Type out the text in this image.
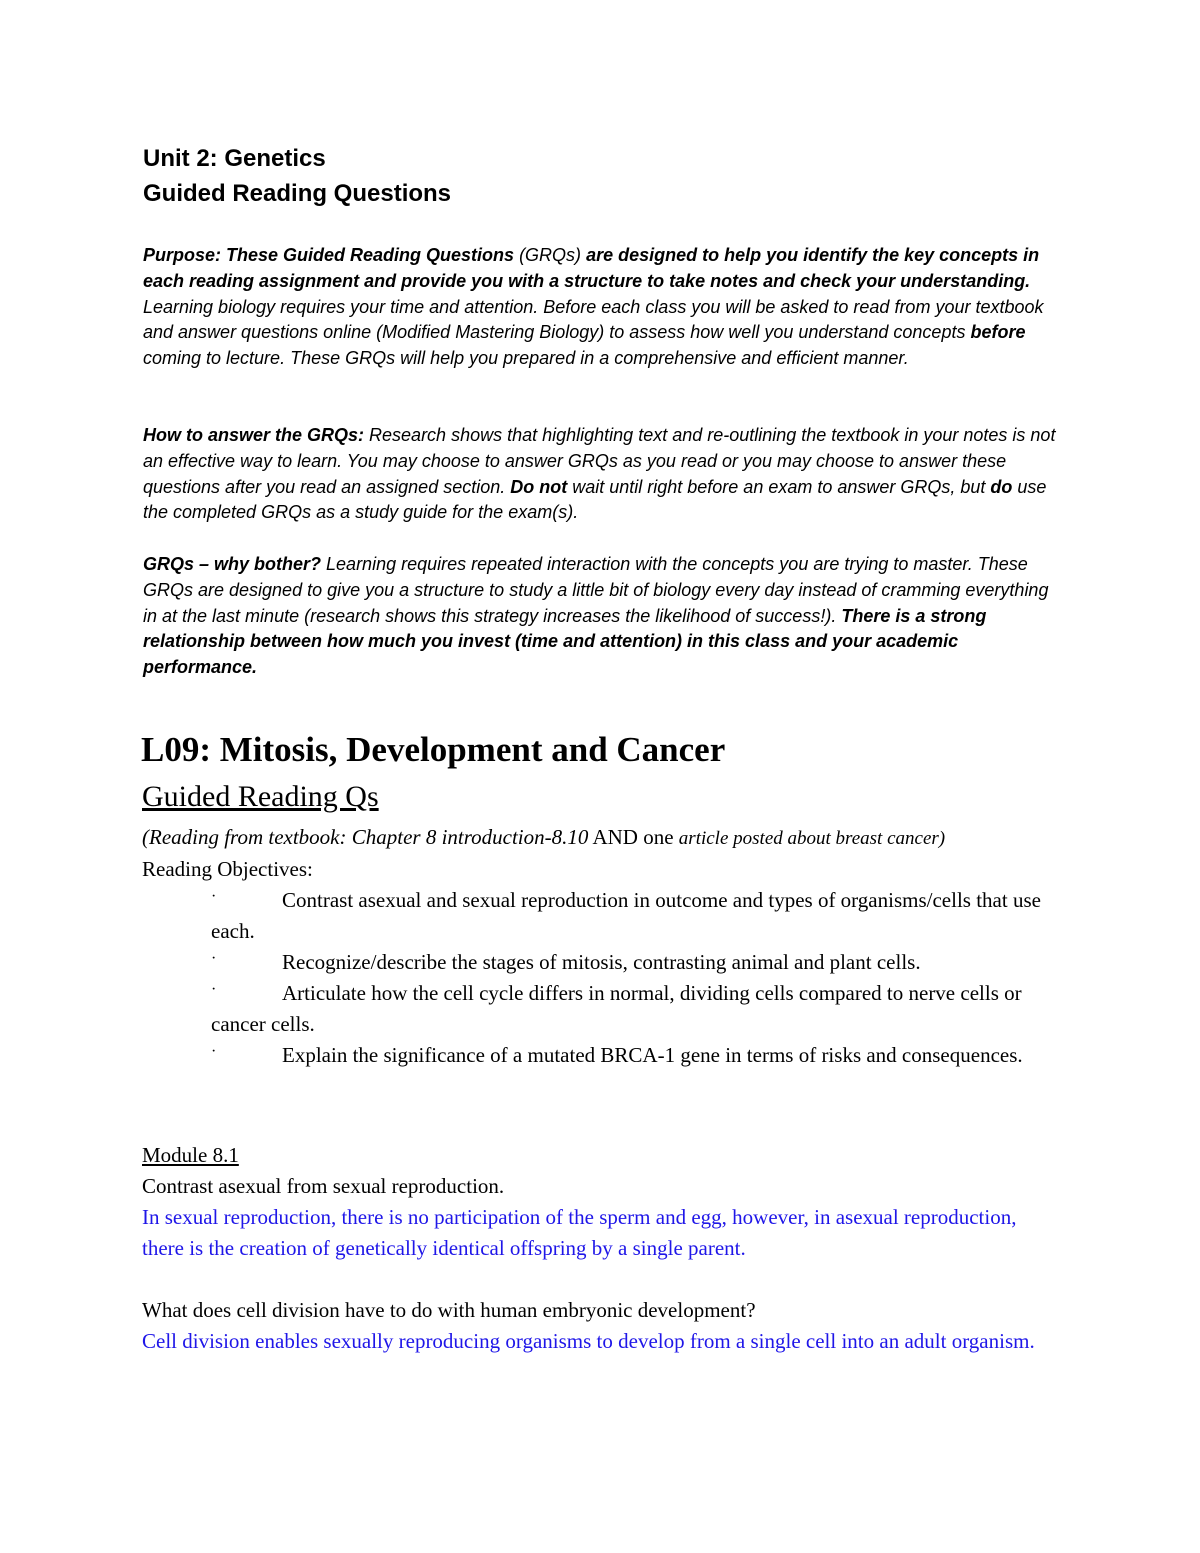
Unit 2: Genetics
Guided Reading Questions
Purpose: These Guided Reading Questions (GRQs) are designed to help you identify the key concepts in each reading assignment and provide you with a structure to take notes and check your understanding. Learning biology requires your time and attention. Before each class you will be asked to read from your textbook and answer questions online (Modified Mastering Biology) to assess how well you understand concepts before coming to lecture. These GRQs will help you prepared in a comprehensive and efficient manner.
How to answer the GRQs: Research shows that highlighting text and re-outlining the textbook in your notes is not an effective way to learn. You may choose to answer GRQs as you read or you may choose to answer these questions after you read an assigned section. Do not wait until right before an exam to answer GRQs, but do use the completed GRQs as a study guide for the exam(s).
GRQs – why bother? Learning requires repeated interaction with the concepts you are trying to master. These GRQs are designed to give you a structure to study a little bit of biology every day instead of cramming everything in at the last minute (research shows this strategy increases the likelihood of success!). There is a strong relationship between how much you invest (time and attention) in this class and your academic performance.
L09: Mitosis, Development and Cancer
Guided Reading Qs
(Reading from textbook: Chapter 8 introduction-8.10 AND one article posted about breast cancer)
Reading Objectives:
·	Contrast asexual and sexual reproduction in outcome and types of organisms/cells that use each.
·	Recognize/describe the stages of mitosis, contrasting animal and plant cells.
·	Articulate how the cell cycle differs in normal, dividing cells compared to nerve cells or cancer cells.
·	Explain the significance of a mutated BRCA-1 gene in terms of risks and consequences.
Module 8.1
Contrast asexual from sexual reproduction.
In sexual reproduction, there is no participation of the sperm and egg, however, in asexual reproduction, there is the creation of genetically identical offspring by a single parent.
What does cell division have to do with human embryonic development?
Cell division enables sexually reproducing organisms to develop from a single cell into an adult organism.
